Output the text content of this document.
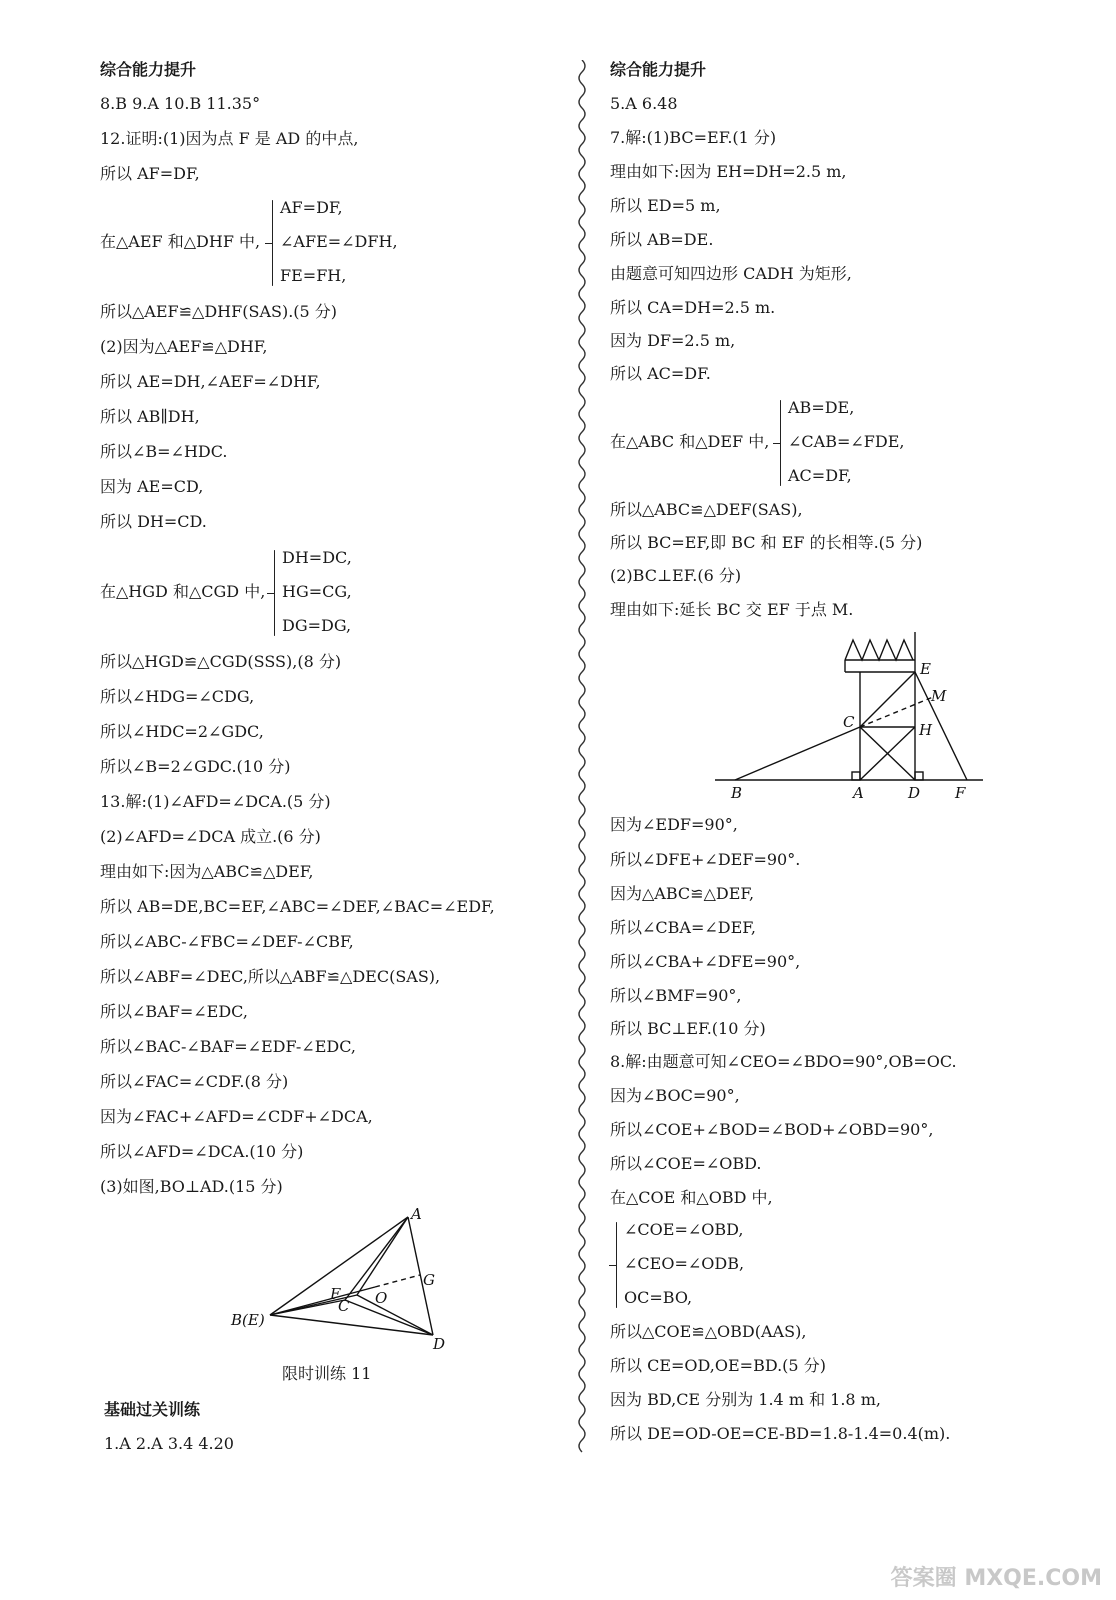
综合能力提升
8.B 9.A 10.B 11.35°
12.证明:(1)因为点 F 是 AD 的中点,
所以 AF=DF,
在△AEF 和△DHF 中,
AF=DF,
∠AFE=∠DFH,
FE=FH,
所以△AEF≌△DHF(SAS).(5 分)
(2)因为△AEF≌△DHF,
所以 AE=DH,∠AEF=∠DHF,
所以 AB∥DH,
所以∠B=∠HDC.
因为 AE=CD,
所以 DH=CD.
在△HGD 和△CGD 中,
DH=DC,
HG=CG,
DG=DG,
所以△HGD≌△CGD(SSS),(8 分)
所以∠HDG=∠CDG,
所以∠HDC=2∠GDC,
所以∠B=2∠GDC.(10 分)
13.解:(1)∠AFD=∠DCA.(5 分)
(2)∠AFD=∠DCA 成立.(6 分)
理由如下:因为△ABC≌△DEF,
所以 AB=DE,BC=EF,∠ABC=∠DEF,∠BAC=∠EDF,
所以∠ABC-∠FBC=∠DEF-∠CBF,
所以∠ABF=∠DEC,所以△ABF≌△DEC(SAS),
所以∠BAF=∠EDC,
所以∠BAC-∠BAF=∠EDF-∠EDC,
所以∠FAC=∠CDF.(8 分)
因为∠FAC+∠AFD=∠CDF+∠DCA,
所以∠AFD=∠DCA.(10 分)
(3)如图,BO⊥AD.(15 分)
A
G
F
C O
B(E)
D
限时训练 11
基础过关训练
1.A 2.A 3.4 4.20
综合能力提升
5.A 6.48
7.解:(1)BC=EF.(1 分)
理由如下:因为 EH=DH=2.5 m,
所以 ED=5 m,
所以 AB=DE.
由题意可知四边形 CADH 为矩形,
所以 CA=DH=2.5 m.
因为 DF=2.5 m,
所以 AC=DF.
在△ABC 和△DEF 中,
AB=DE,
∠CAB=∠FDE,
AC=DF,
所以△ABC≌△DEF(SAS),
所以 BC=EF,即 BC 和 EF 的长相等.(5 分)
(2)BC⊥EF.(6 分)
理由如下:延长 BC 交 EF 于点 M.
E
M
C	H
B	A	D F
因为∠EDF=90°,
所以∠DFE+∠DEF=90°.
因为△ABC≌△DEF,
所以∠CBA=∠DEF,
所以∠CBA+∠DFE=90°,
所以∠BMF=90°,
所以 BC⊥EF.(10 分)
8.解:由题意可知∠CEO=∠BDO=90°,OB=OC.
因为∠BOC=90°,
所以∠COE+∠BOD=∠BOD+∠OBD=90°,
所以∠COE=∠OBD.
在△COE 和△OBD 中,
∠COE=∠OBD,
∠CEO=∠ODB,
OC=BO,
所以△COE≌△OBD(AAS),
所以 CE=OD,OE=BD.(5 分)
因为 BD,CE 分别为 1.4 m 和 1.8 m,
所以 DE=OD-OE=CE-BD=1.8-1.4=0.4(m).
答案圈 MXQE.COM
